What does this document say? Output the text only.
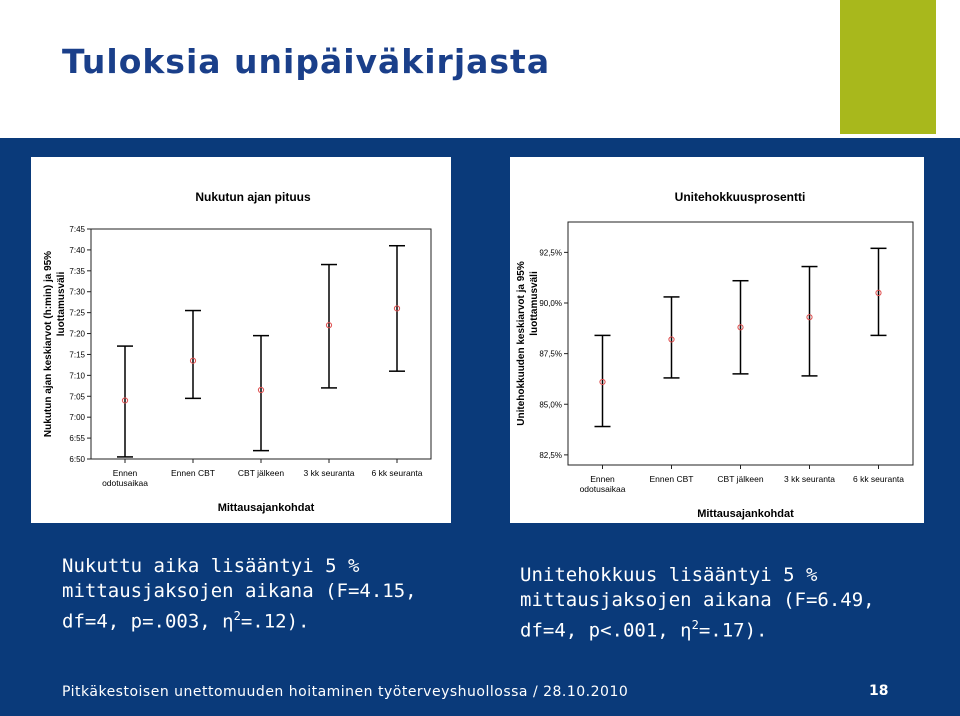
Tuloksia unipäiväkirjasta
Nukutun ajan pituus
6:50
6:55
7:00
7:05
7:10
7:15
7:20
7:25
7:30
7:35
7:40
7:45
Nukutun ajan keskiarvot (h:min) ja 95% luottamusväli
Ennen
odotusaikaa
Ennen CBT	CBT jälkeen 3 kk seuranta 6 kk seuranta
Mittausajankohdat
Unitehokkuusprosentti
82,5%
85,0%
87,5%
90,0%
92,5%
Unitehokkuuden keskiarvot ja 95% luottamusväli
Ennen
odotusaikaa
Ennen CBT	CBT jälkeen 3 kk seuranta 6 kk seuranta
Mittausajankohdat
Nukuttu aika lisääntyi 5 %
mittausjaksojen aikana (F=4.15,
df=4, p=.003, $\eta^2=.12$).
Unitehokkuus lisääntyi 5 %
mittausjaksojen aikana (F=6.49,
df=4, p<.001, $\eta^2=.17$).
Pitkäkestoisen unettomuuden hoitaminen työterveyshuollossa / 28.10.2010	18
